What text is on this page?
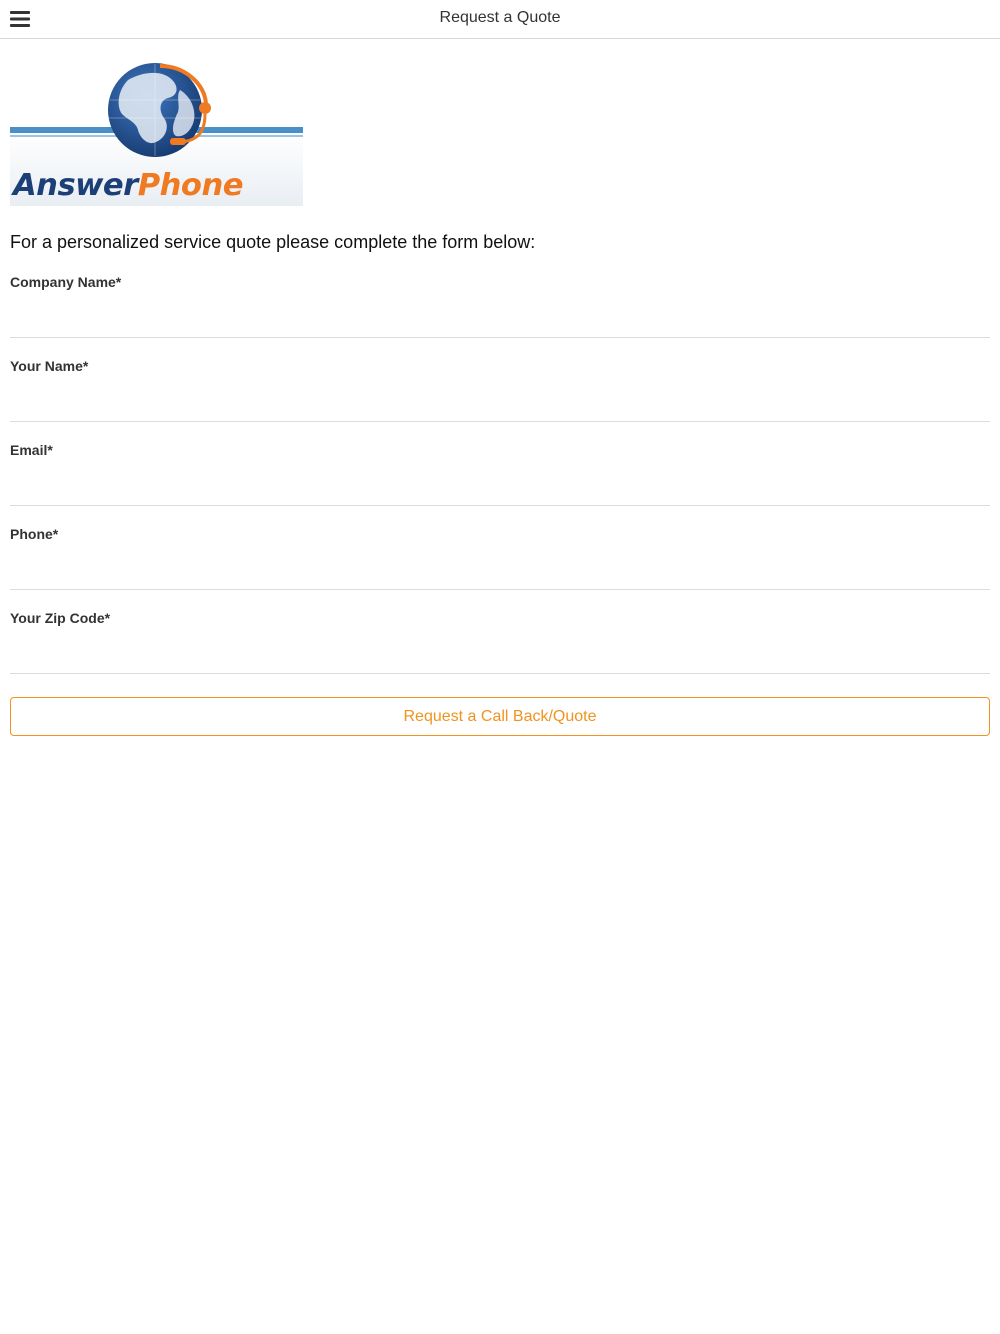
Request a Quote
AnswerPhone
For a personalized service quote please complete the form below:
Company Name*
Your Name*
Email*
Phone*
Your Zip Code*
Request a Call Back/Quote
